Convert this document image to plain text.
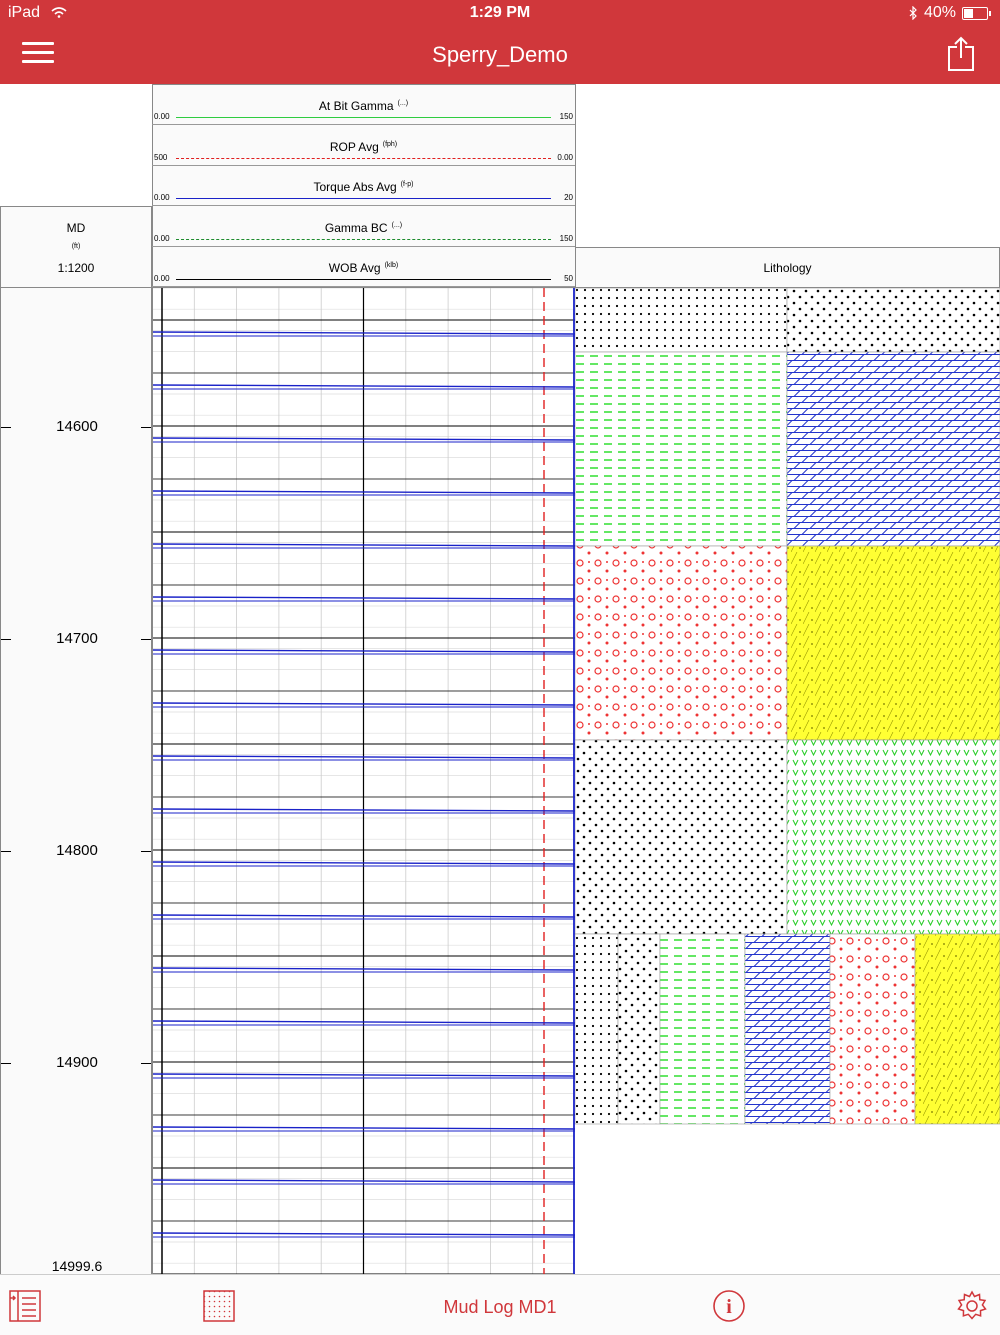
iPad	1:29 PM	40%
Sperry_Demo
At Bit Gamma (...)
0.00	150
ROP Avg $^{(fph)}$
500	0.00
Torque Abs Avg $^{(f-p)}$
0.00	20
Gamma BC (...)
0.00	150
WOB Avg $^{(klb)}$
0.00	50
MD
(ft)
1:1200	Lithology
14600
14700
14800
14900
14999.6
Mud Log MD1	i
